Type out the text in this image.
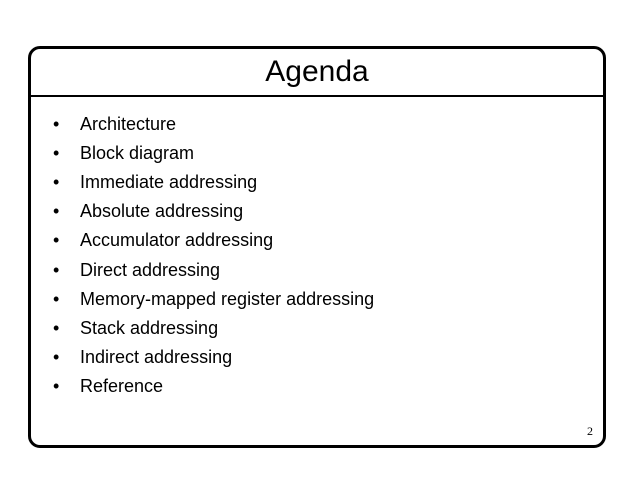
Agenda
•	Architecture
•	Block diagram
•	Immediate addressing
•	Absolute addressing
•	Accumulator addressing
•	Direct addressing
•	Memory-mapped register addressing
•	Stack addressing
•	Indirect addressing
•	Reference
2
